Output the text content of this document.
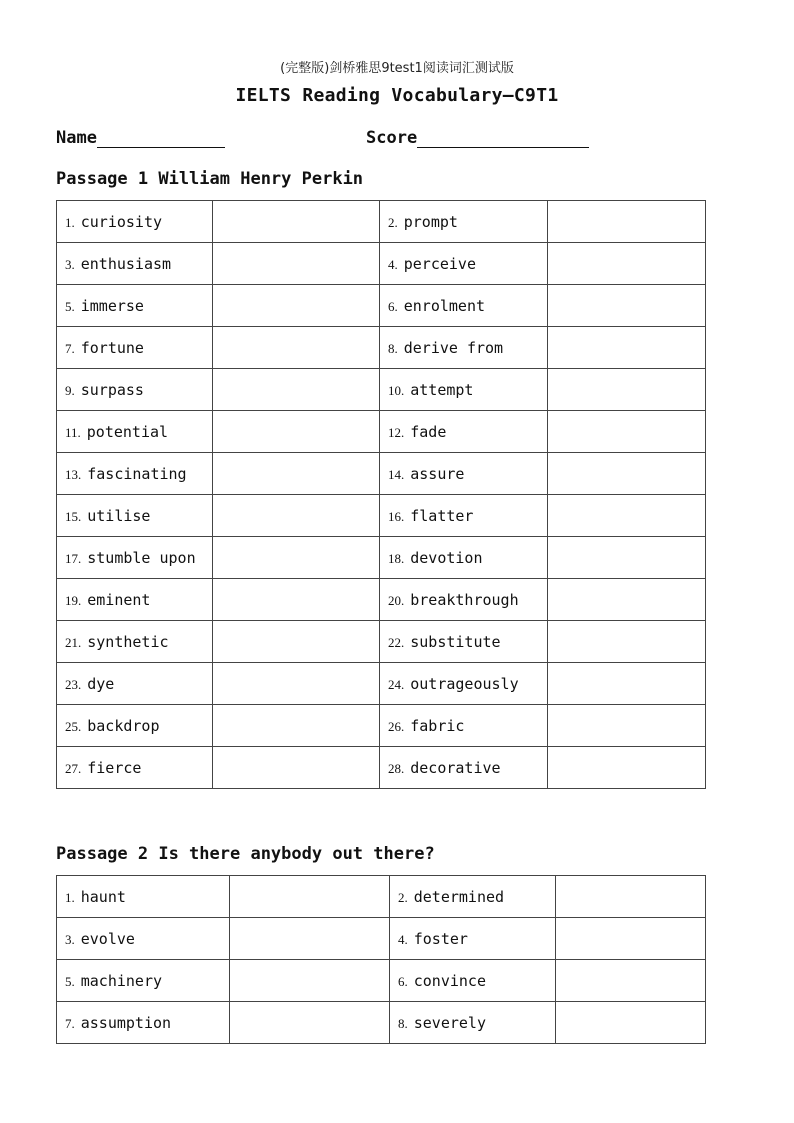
(完整版)剑桥雅思9test1阅读词汇测试版
IELTS Reading Vocabulary—C9T1
Name	Score
Passage 1 William Henry Perkin
1. curiosity		2. prompt	
3. enthusiasm		4. perceive	
5. immerse		6. enrolment	
7. fortune		8. derive from	
9. surpass		10. attempt	
11. potential		12. fade	
13. fascinating		14. assure	
15. utilise		16. flatter	
17. stumble upon		18. devotion	
19. eminent		20. breakthrough	
21. synthetic		22. substitute	
23. dye		24. outrageously	
25. backdrop		26. fabric	
27. fierce		28. decorative	
Passage 2 Is there anybody out there?
1. haunt		2. determined	
3. evolve		4. foster	
5. machinery		6. convince	
7. assumption		8. severely	
